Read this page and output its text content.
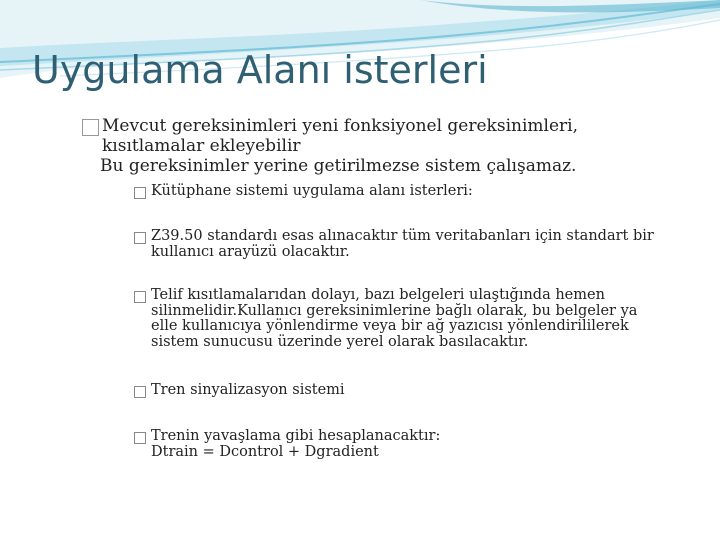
Uygulama Alanı isterleri
Mevcut gereksinimleri yeni fonksiyonel gereksinimleri,
kısıtlamalar ekleyebilir
Bu gereksinimler yerine getirilmezse sistem çalışamaz.
Kütüphane sistemi uygulama alanı isterleri:
Z39.50 standardı esas alınacaktır tüm veritabanları için standart bir
kullanıcı arayüzü olacaktır.
Telif kısıtlamalarıdan dolayı, bazı belgeleri ulaştığında hemen
silinmelidir.Kullanıcı gereksinimlerine bağlı olarak, bu belgeler ya
elle kullanıcıya yönlendirme veya bir ağ yazıcısı yönlendirililerek
sistem sunucusu üzerinde yerel olarak basılacaktır.
Tren sinyalizasyon sistemi
Trenin yavaşlama gibi hesaplanacaktır:
Dtrain = Dcontrol + Dgradient
